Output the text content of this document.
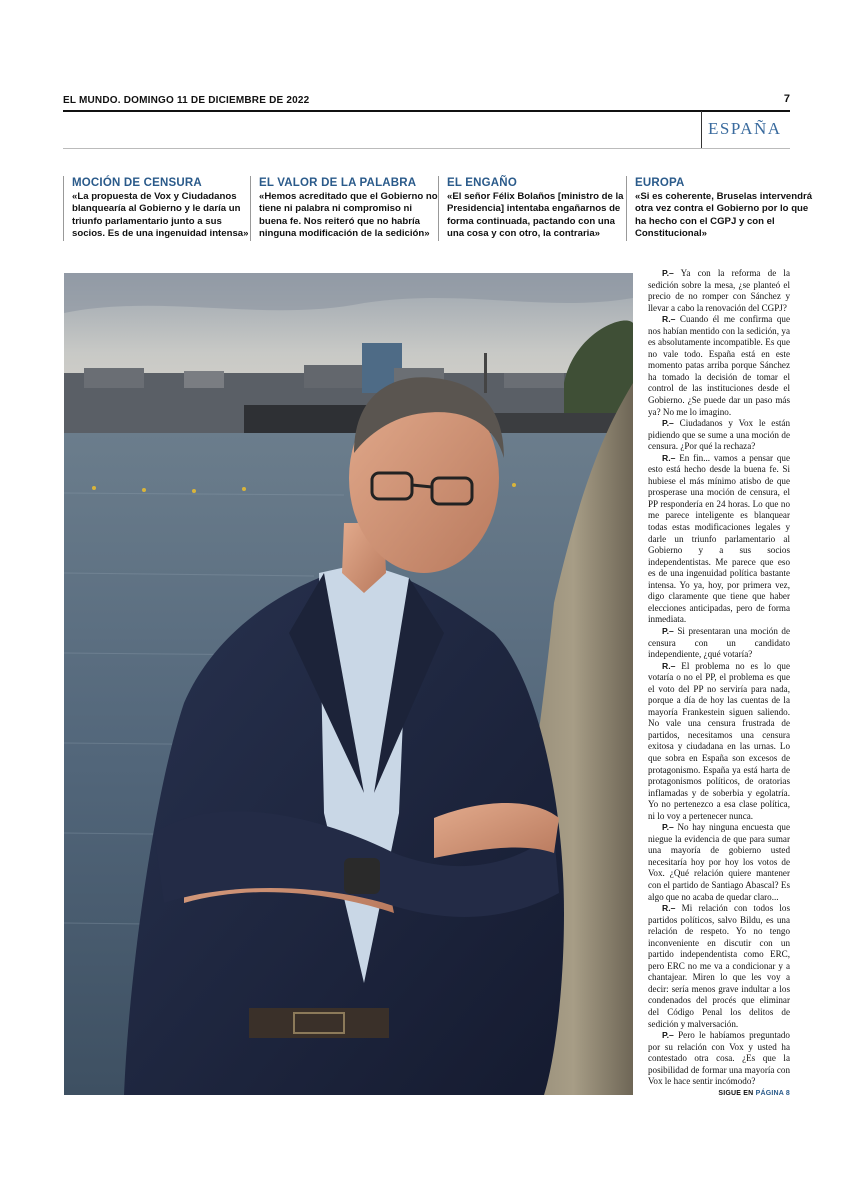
EL MUNDO. DOMINGO 11 DE DICIEMBRE DE 2022	7
ESPAÑA
MOCIÓN DE CENSURA

«La propuesta de Vox y Ciudadanos blanquearía al Gobierno y le daría un triunfo parlamentario junto a sus socios. Es de una ingenuidad intensa»

EL VALOR DE LA PALABRA

«Hemos acreditado que el Gobierno no tiene ni palabra ni compromiso ni buena fe. Nos reiteró que no habría ninguna modificación de la sedición»

EL ENGAÑO

«El señor Félix Bolaños [ministro de la Presidencia] intentaba engañarnos de forma continuada, pactando con una una cosa y con otro, la contraria»

EUROPA

«Si es coherente, Bruselas intervendrá otra vez contra el Gobierno por lo que ha hecho con el CGPJ y con el Constitucional»

P.– Ya con la reforma de la sedición sobre la mesa, ¿se planteó el precio de no romper con Sánchez y llevar a cabo la renovación del CGPJ?

R.– Cuando él me confirma que nos habían mentido con la sedición, ya es absolutamente incompatible. Es que no vale todo. España está en este momento patas arriba porque Sánchez ha tomado la decisión de tomar el control de las instituciones desde el Gobierno. ¿Se puede dar un paso más ya? No me lo imagino.

P.– Ciudadanos y Vox le están pidiendo que se sume a una moción de censura. ¿Por qué la rechaza?

R.– En fin... vamos a pensar que esto está hecho desde la buena fe. Si hubiese el más mínimo atisbo de que prosperase una moción de censura, el PP respondería en 24 horas. Lo que no me parece inteligente es blanquear todas estas modificaciones legales y darle un triunfo parlamentario al Gobierno y a sus socios independentistas. Me parece que eso es de una ingenuidad política bastante intensa. Yo ya, hoy, por primera vez, digo claramente que tiene que haber elecciones anticipadas, pero de forma inmediata.

P.– Si presentaran una moción de censura con un candidato independiente, ¿qué votaría?

R.– El problema no es lo que votaría o no el PP, el problema es que el voto del PP no serviría para nada, porque a día de hoy las cuentas de la mayoría Frankestein siguen saliendo. No vale una censura frustrada de partidos, necesitamos una censura exitosa y ciudadana en las urnas. Lo que sobra en España son excesos de protagonismo. España ya está harta de protagonismos políticos, de oratorias inflamadas y de soberbia y egolatría. Yo no pertenezco a esa clase política, ni lo voy a pertenecer nunca.

P.– No hay ninguna encuesta que niegue la evidencia de que para sumar una mayoría de gobierno usted necesitaría hoy por hoy los votos de Vox. ¿Qué relación quiere mantener con el partido de Santiago Abascal? Es algo que no acaba de quedar claro...

R.– Mi relación con todos los partidos políticos, salvo Bildu, es una relación de respeto. Yo no tengo inconveniente en discutir con un partido independentista como ERC, pero ERC no me va a condicionar y a chantajear. Miren lo que les voy a decir: sería menos grave indultar a los condenados del procés que eliminar del Código Penal los delitos de sedición y malversación.

P.– Pero le habíamos preguntado por su relación con Vox y usted ha contestado otra cosa. ¿Es que la posibilidad de formar una mayoría con Vox le hace sentir incómodo?

SIGUE EN PÁGINA 8
